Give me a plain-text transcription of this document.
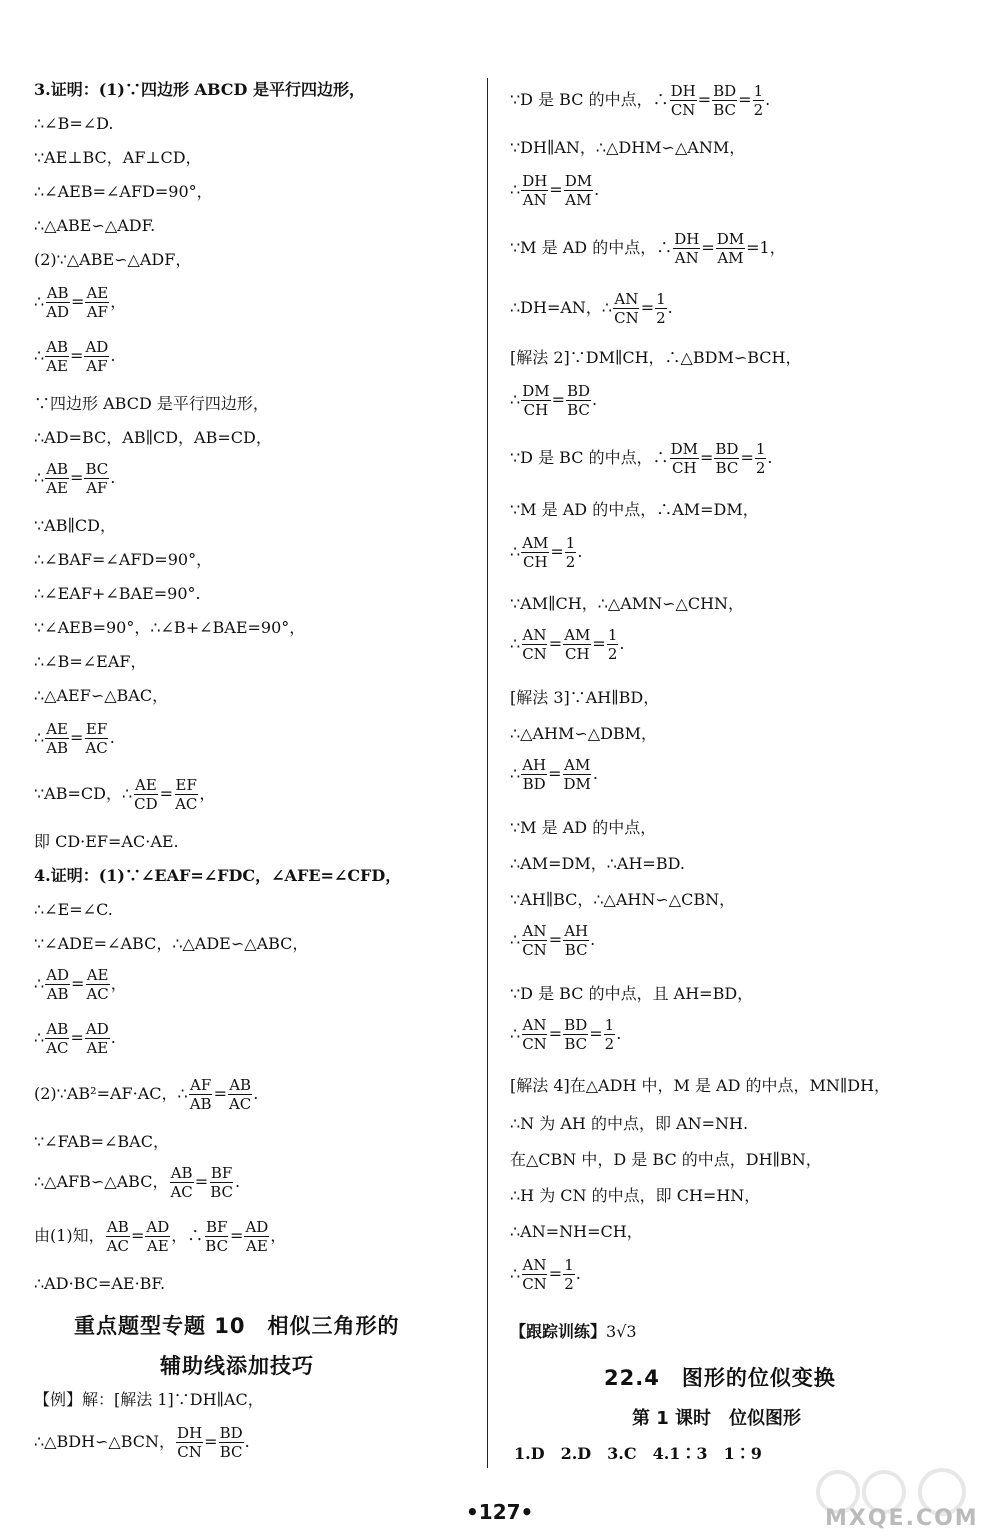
3.证明：(1)∵四边形 ABCD 是平行四边形，
∴∠B=∠D.
∵AE⊥BC，AF⊥CD，
∴∠AEB=∠AFD=90°，
∴△ABE∽△ADF.
(2)∵△ABE∽△ADF，
∴ $\frac{AB}{AD} = \frac{AE}{AF}$ ，
∴ $\frac{AB}{AE} = \frac{AD}{AF}$ .
∵四边形 ABCD 是平行四边形，
∴AD=BC，AB∥CD，AB=CD，
∴ $\frac{AB}{AE} = \frac{BC}{AF}$ .
∵AB∥CD，
∴∠BAF=∠AFD=90°，
∴∠EAF+∠BAE=90°.
∵∠AEB=90°，∴∠B+∠BAE=90°，
∴∠B=∠EAF，
∴△AEF∽△BAC，
∴ $\frac{AE}{AB} = \frac{EF}{AC}$ .
∵AB=CD，∴ $\frac{AE}{CD} = \frac{EF}{AC}$ ，
即 CD·EF=AC·AE.
4.证明：(1)∵∠EAF=∠FDC，∠AFE=∠CFD，
∴∠E=∠C.
∵∠ADE=∠ABC，∴△ADE∽△ABC，
∴ $\frac{AD}{AB} = \frac{AE}{AC}$ ，
∴ $\frac{AB}{AC} = \frac{AD}{AE}$ .
(2)∵AB²=AF·AC，∴ $\frac{AF}{AB} = \frac{AB}{AC}$ .
∵∠FAB=∠BAC，
∴△AFB∽△ABC， $\frac{AB}{AC} = \frac{BF}{BC}$ .
由(1)知， $\frac{AB}{AC} = \frac{AD}{AE}$ ，∴ $\frac{BF}{BC} = \frac{AD}{AE}$ ，
∴AD·BC=AE·BF.
重点题型专题 10　相似三角形的
辅助线添加技巧
【例】解：[解法 1]∵DH∥AC，
∴△BDH∽△BCN， $\frac{DH}{CN} = \frac{BD}{BC}$ .
∵D 是 BC 的中点，∴ $\frac{DH}{CN} = \frac{BD}{BC} = \frac{1}{2}$ .
∵DH∥AN，∴△DHM∽△ANM，
∴ $\frac{DH}{AN} = \frac{DM}{AM}$ .
∵M 是 AD 的中点，∴ $\frac{DH}{AN} = \frac{DM}{AM} =1$，
∴DH=AN，∴ $\frac{AN}{CN} = \frac{1}{2}$ .
[解法 2]∵DM∥CH，∴△BDM∽BCH，
∴ $\frac{DM}{CH} = \frac{BD}{BC}$ .
∵D 是 BC 的中点，∴ $\frac{DM}{CH} = \frac{BD}{BC} = \frac{1}{2}$ .
∵M 是 AD 的中点，∴AM=DM，
∴ $\frac{AM}{CH} = \frac{1}{2}$ .
∵AM∥CH，∴△AMN∽△CHN，
∴ $\frac{AN}{CN} = \frac{AM}{CH} = \frac{1}{2}$ .
[解法 3]∵AH∥BD，
∴△AHM∽△DBM，
∴ $\frac{AH}{BD} = \frac{AM}{DM}$ .
∵M 是 AD 的中点，
∴AM=DM，∴AH=BD.
∵AH∥BC，∴△AHN∽△CBN，
∴ $\frac{AN}{CN} = \frac{AH}{BC}$ .
∵D 是 BC 的中点，且 AH=BD，
∴ $\frac{AN}{CN} = \frac{BD}{BC} = \frac{1}{2}$ .
[解法 4]在△ADH 中，M 是 AD 的中点，MN∥DH，
∴N 为 AH 的中点，即 AN=NH.
在△CBN 中，D 是 BC 的中点，DH∥BN，
∴H 为 CN 的中点，即 CH=HN，
∴AN=NH=CH，
∴ $\frac{AN}{CN} = \frac{1}{2}$ .
【跟踪训练】3√3
22.4　图形的位似变换
第 1 课时　位似图形
1.D　2.D　3.C　4.1∶3　1∶9
•127•	MXQE.COM
